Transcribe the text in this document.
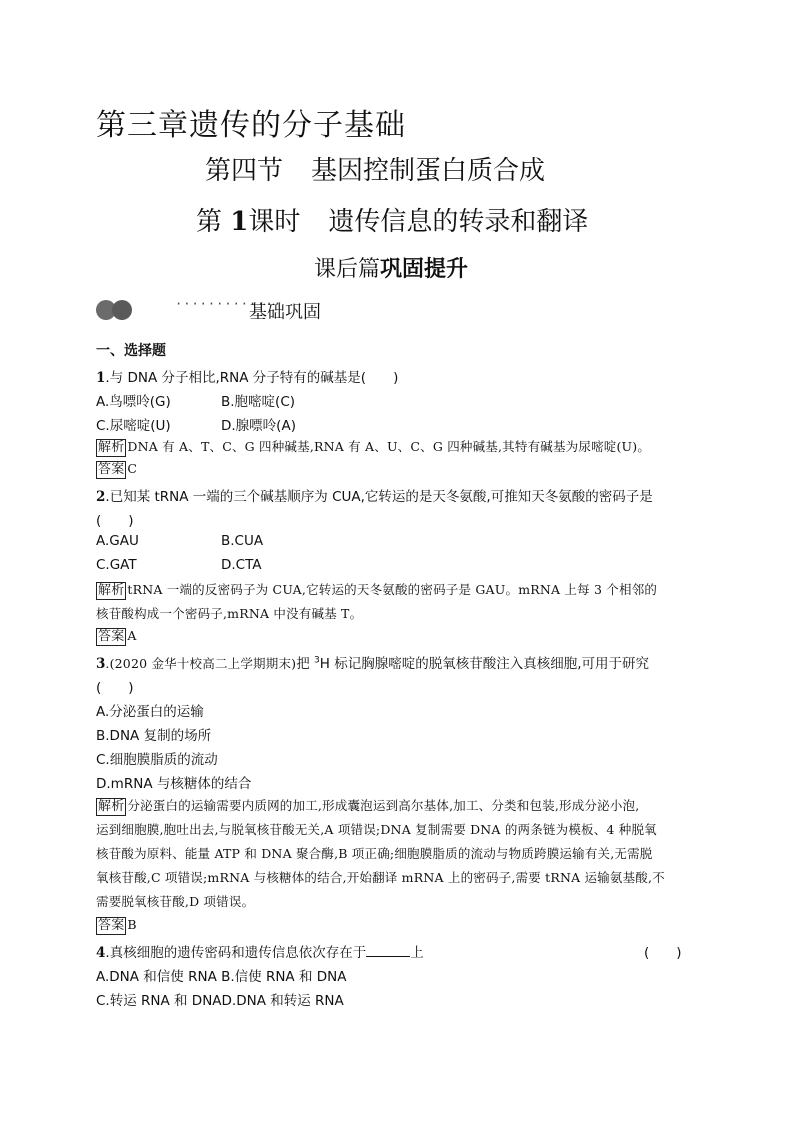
第三章遗传的分子基础
第四节 基因控制蛋白质合成
第 1课时 遗传信息的转录和翻译
课后篇巩固提升
·············
基础巩固
一、选择题
1.与 DNA 分子相比,RNA 分子特有的碱基是(　　)
A.鸟嘌呤(G)	B.胞嘧啶(C)
C.尿嘧啶(U)	D.腺嘌呤(A)
解析 DNA 有 A、T、C、G 四种碱基,RNA 有 A、U、C、G 四种碱基,其特有碱基为尿嘧啶(U)。
答案 C
2.已知某 tRNA 一端的三个碱基顺序为 CUA,它转运的是天冬氨酸,可推知天冬氨酸的密码子是
(　　)
A.GAU	B.CUA
C.GAT	D.CTA
解析 tRNA 一端的反密码子为 CUA,它转运的天冬氨酸的密码子是 GAU。mRNA 上每 3 个相邻的
核苷酸构成一个密码子,mRNA 中没有碱基 T。
答案 A
3.(2020 金华十校高二上学期期末)把 $^3$H 标记胸腺嘧啶的脱氧核苷酸注入真核细胞,可用于研究
(　　)
A.分泌蛋白的运输
B.DNA 复制的场所
C.细胞膜脂质的流动
D.mRNA 与核糖体的结合
解析 分泌蛋白的运输需要内质网的加工,形成囊泡运到高尔基体,加工、分类和包装,形成分泌小泡,
运到细胞膜,胞吐出去,与脱氧核苷酸无关,A 项错误;DNA 复制需要 DNA 的两条链为模板、4 种脱氧
核苷酸为原料、能量 ATP 和 DNA 聚合酶,B 项正确;细胞膜脂质的流动与物质跨膜运输有关,无需脱
氧核苷酸,C 项错误;mRNA 与核糖体的结合,开始翻译 mRNA 上的密码子,需要 tRNA 运输氨基酸,不
需要脱氧核苷酸,D 项错误。
答案 B
4.真核细胞的遗传密码和遗传信息依次存在于	上	(　　)
A.DNA 和信使 RNA B.信使 RNA 和 DNA
C.转运 RNA 和 DNAD.DNA 和转运 RNA
